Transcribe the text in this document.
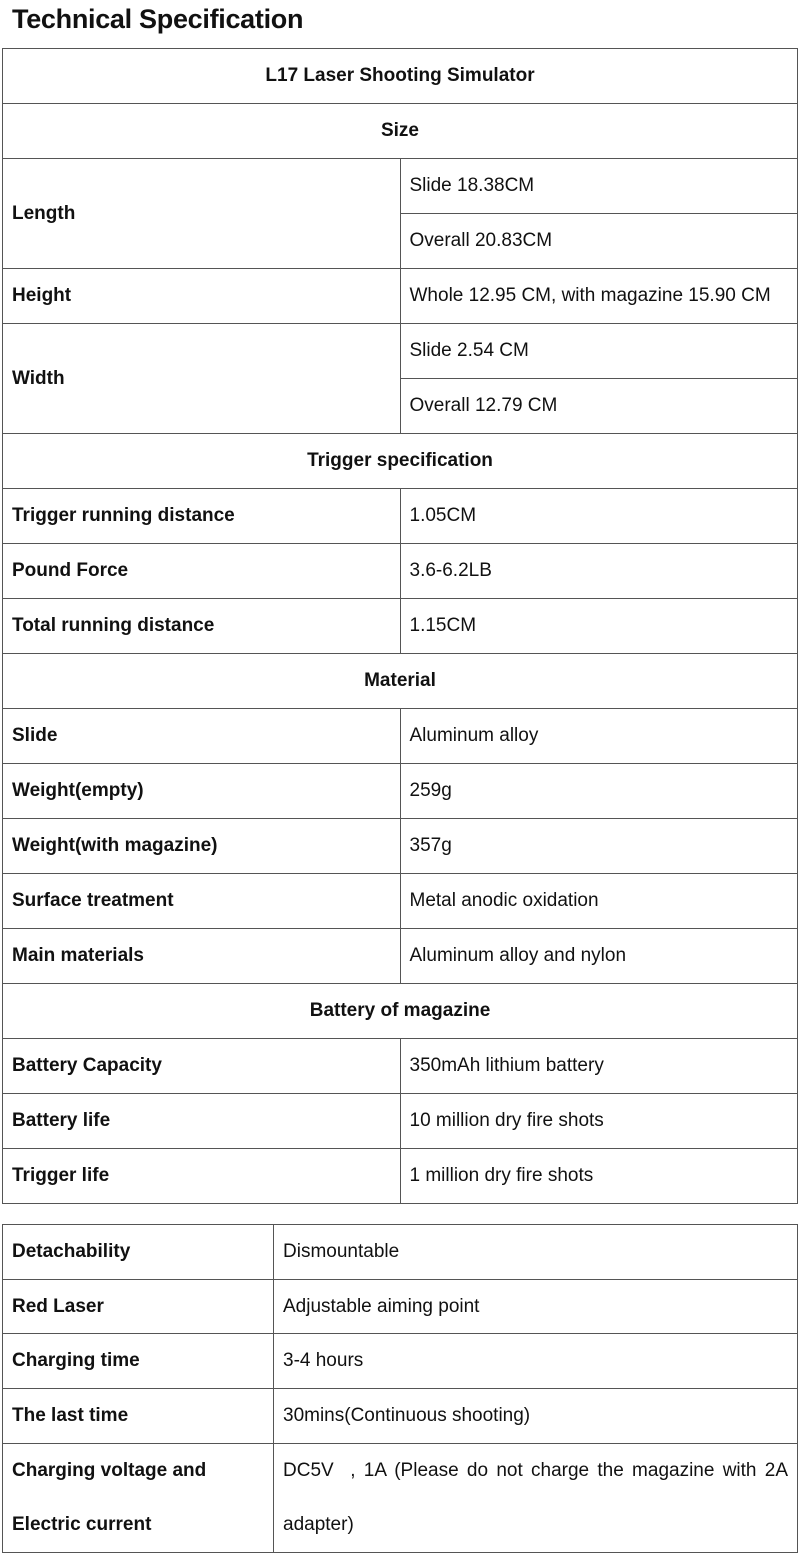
Technical Specification
L17 Laser Shooting Simulator	
Size	
Length	Slide 18.38CM
	Overall 20.83CM
Height	Whole 12.95 CM, with magazine 15.90 CM
Width	Slide 2.54 CM
	Overall 12.79 CM
Trigger specification	
Trigger running distance	1.05CM
Pound Force	3.6-6.2LB
Total running distance	1.15CM
Material	
Slide	Aluminum alloy
Weight(empty)	259g
Weight(with magazine)	357g
Surface treatment	Metal anodic oxidation
Main materials	Aluminum alloy and nylon
Battery of magazine	
Battery Capacity	350mAh lithium battery
Battery life	10 million dry fire shots
Trigger life	1 million dry fire shots
Detachability	Dismountable
Red Laser	Adjustable aiming point
Charging time	3-4 hours
The last time	30mins(Continuous shooting)
Charging voltage and Electric current	DC5V  , 1A (Please do not charge the magazine with 2A adapter)
